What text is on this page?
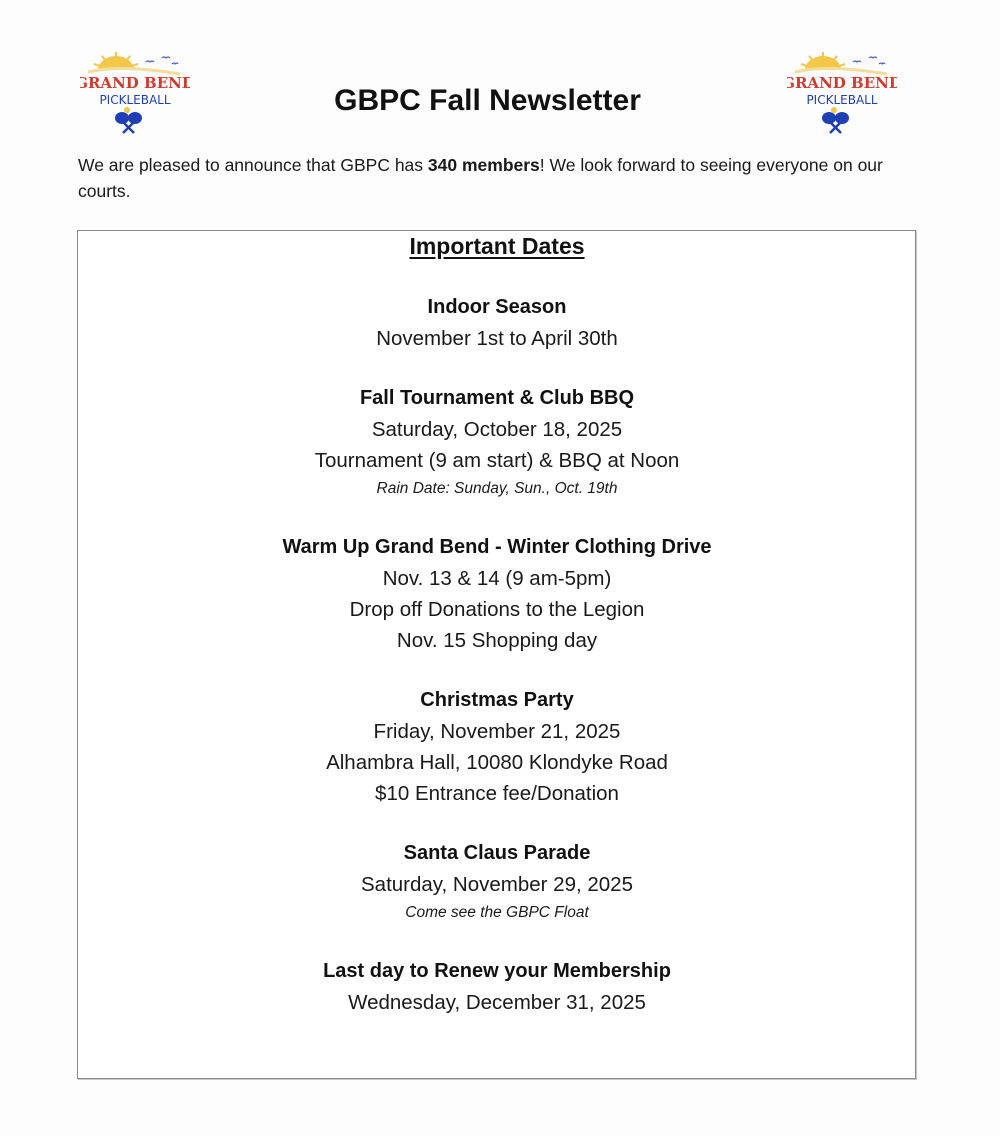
GRAND BEND
PICKLEBALL
GRAND BEND
PICKLEBALL
GBPC Fall Newsletter
We are pleased to announce that GBPC has 340 members! We look forward to seeing everyone on our courts.
Important Dates
Indoor Season
November 1st to April 30th
Fall Tournament & Club BBQ
Saturday, October 18, 2025
Tournament (9 am start) & BBQ at Noon
Rain Date: Sunday, Sun., Oct. 19th
Warm Up Grand Bend - Winter Clothing Drive
Nov. 13 & 14 (9 am-5pm)
Drop off Donations to the Legion
Nov. 15 Shopping day
Christmas Party
Friday, November 21, 2025
Alhambra Hall, 10080 Klondyke Road
$10 Entrance fee/Donation
Santa Claus Parade
Saturday, November 29, 2025
Come see the GBPC Float
Last day to Renew your Membership
Wednesday, December 31, 2025
